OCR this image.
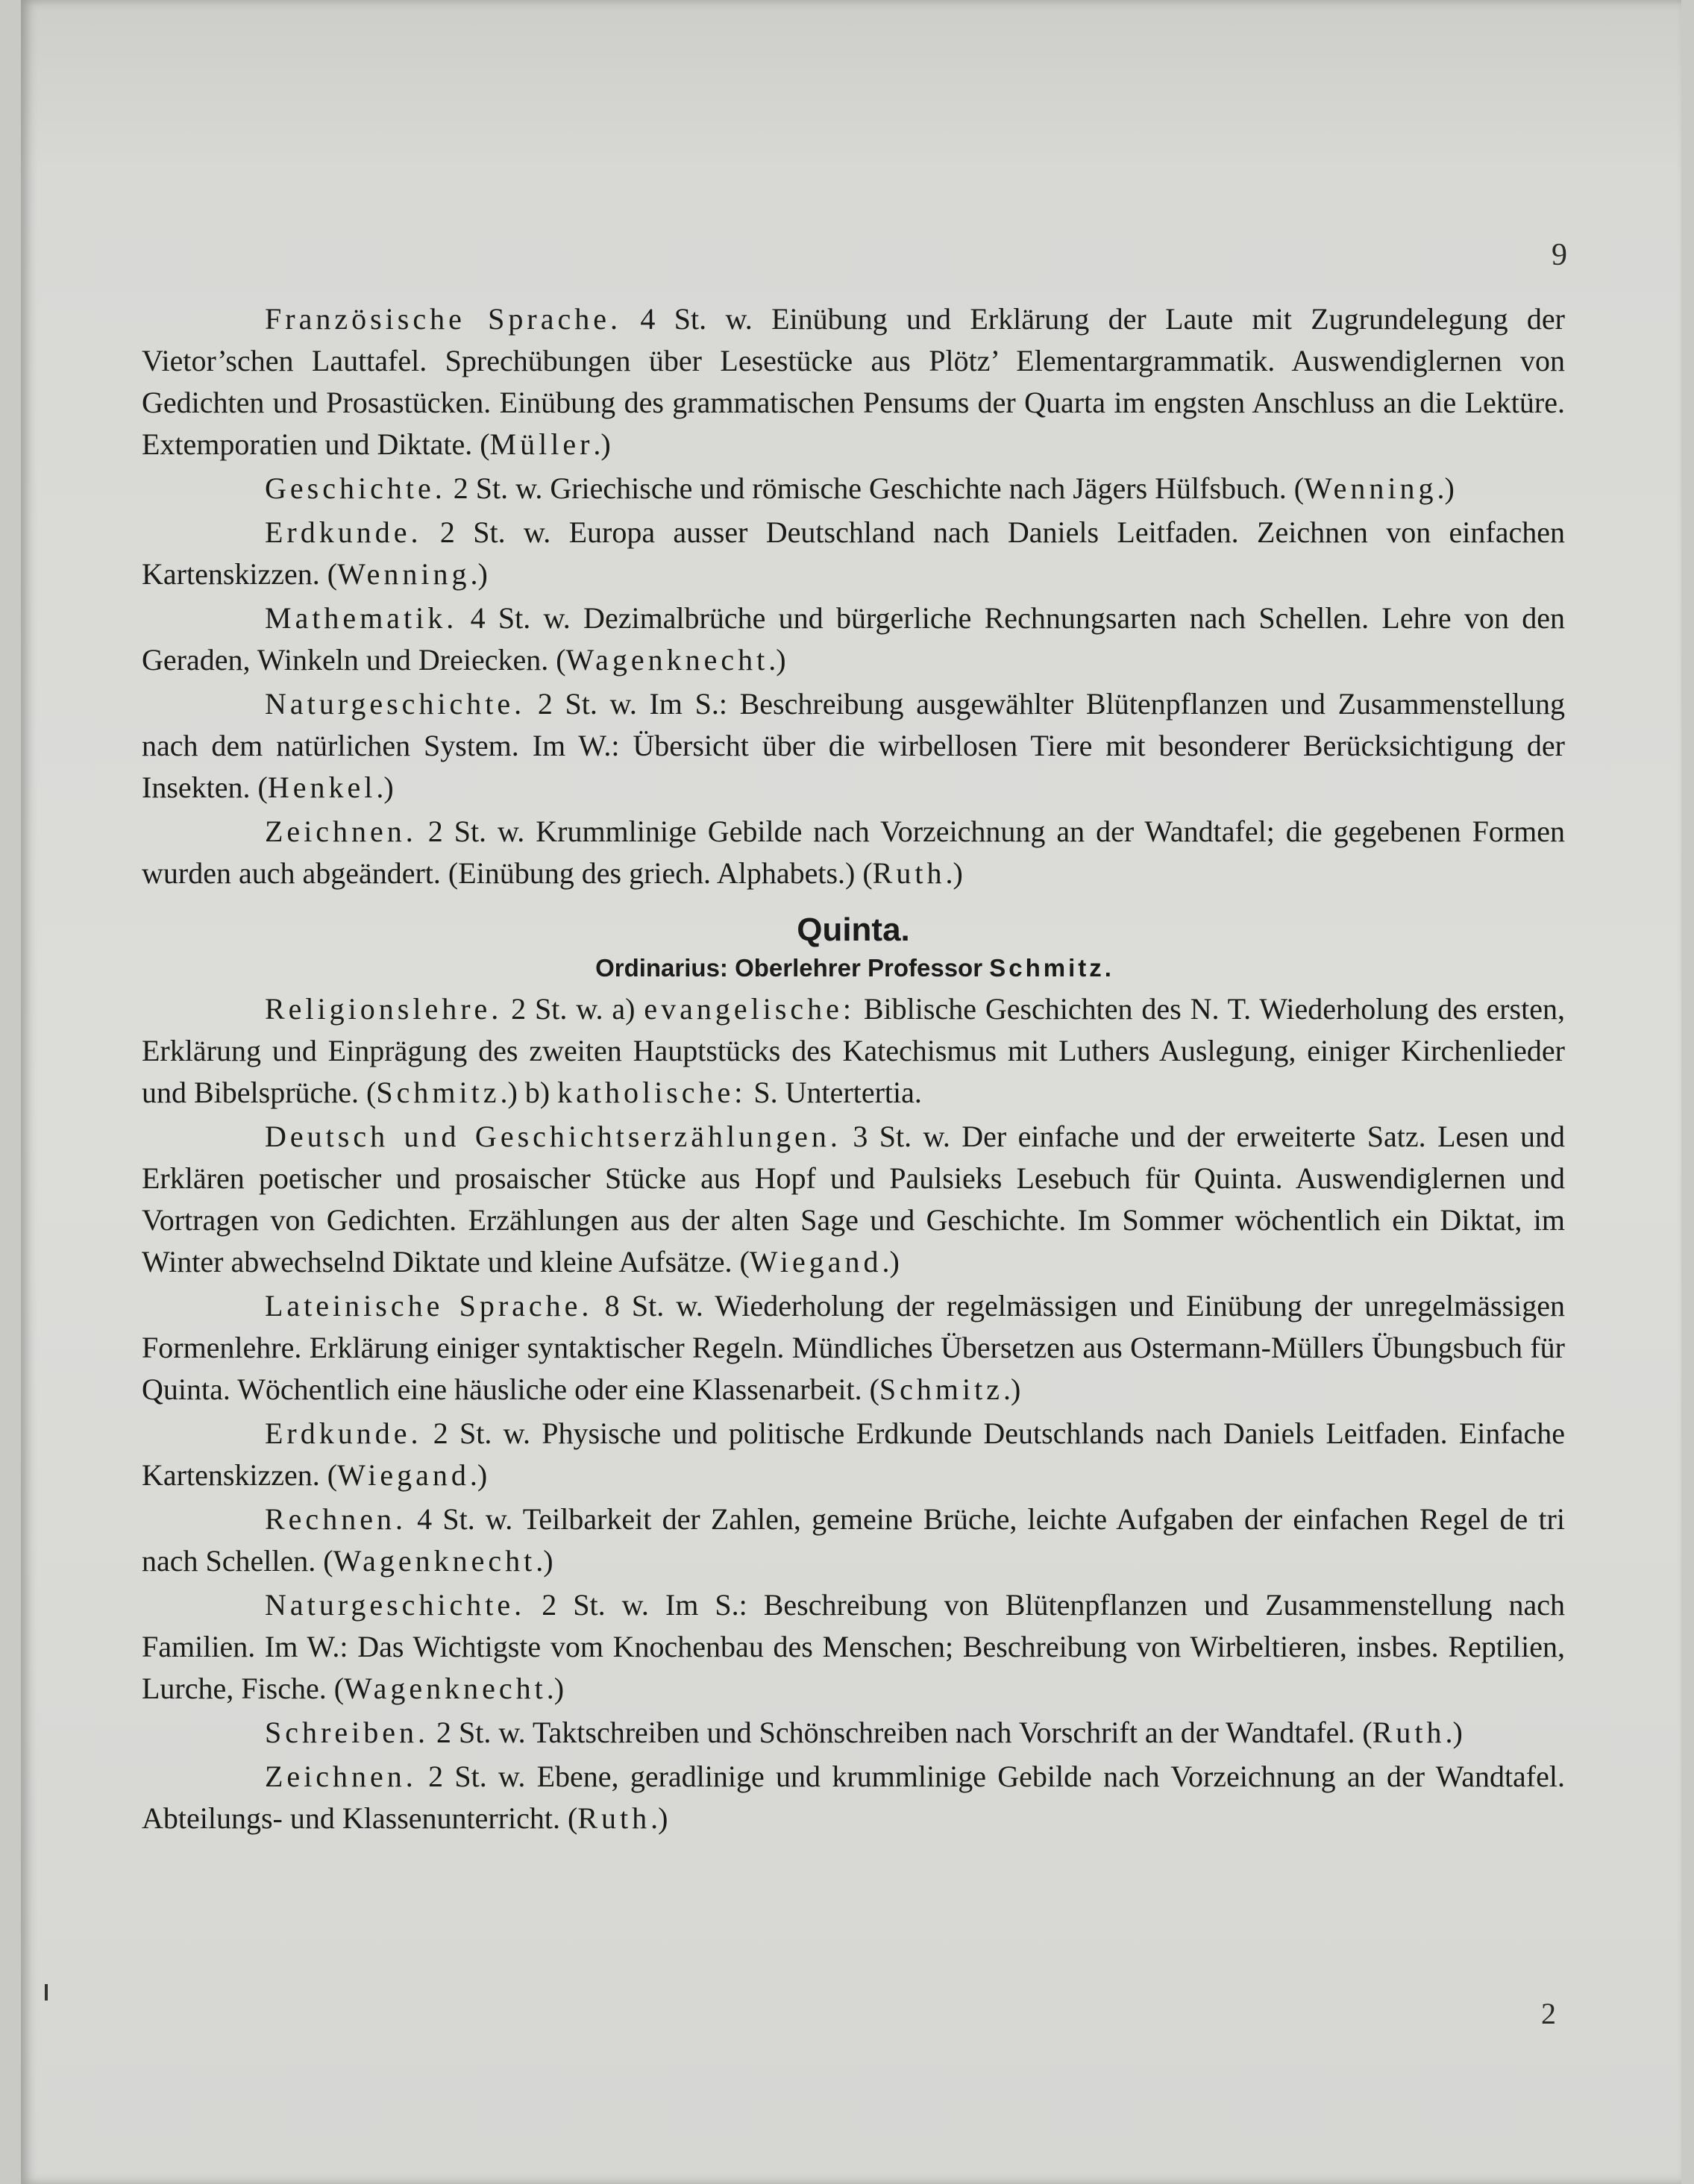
9

Französische Sprache. 4 St. w. Einübung und Erklärung der Laute mit Zugrundelegung der Vietor’schen Lauttafel. Sprechübungen über Lesestücke aus Plötz’ Elementargrammatik. Auswendiglernen von Gedichten und Prosastücken. Einübung des grammatischen Pensums der Quarta im engsten Anschluss an die Lektüre. Extemporatien und Diktate. (Müller.)

Geschichte. 2 St. w. Griechische und römische Geschichte nach Jägers Hülfsbuch. (Wenning.)

Erdkunde. 2 St. w. Europa ausser Deutschland nach Daniels Leitfaden. Zeichnen von einfachen Kartenskizzen. (Wenning.)

Mathematik. 4 St. w. Dezimalbrüche und bürgerliche Rechnungsarten nach Schellen. Lehre von den Geraden, Winkeln und Dreiecken. (Wagenknecht.)

Naturgeschichte. 2 St. w. Im S.: Beschreibung ausgewählter Blütenpflanzen und Zusammenstellung nach dem natürlichen System. Im W.: Übersicht über die wirbellosen Tiere mit besonderer Berücksichtigung der Insekten. (Henkel.)

Zeichnen. 2 St. w. Krummlinige Gebilde nach Vorzeichnung an der Wandtafel; die gegebenen Formen wurden auch abgeändert. (Einübung des griech. Alphabets.) (Ruth.)

Quinta.

Ordinarius: Oberlehrer Professor Schmitz.

Religionslehre. 2 St. w. a) evangelische: Biblische Geschichten des N. T. Wiederholung des ersten, Erklärung und Einprägung des zweiten Hauptstücks des Katechismus mit Luthers Auslegung, einiger Kirchenlieder und Bibelsprüche. (Schmitz.) b) katholische: S. Untertertia.

Deutsch und Geschichtserzählungen. 3 St. w. Der einfache und der erweiterte Satz. Lesen und Erklären poetischer und prosaischer Stücke aus Hopf und Paulsieks Lesebuch für Quinta. Auswendiglernen und Vortragen von Gedichten. Erzählungen aus der alten Sage und Geschichte. Im Sommer wöchentlich ein Diktat, im Winter abwechselnd Diktate und kleine Aufsätze. (Wiegand.)

Lateinische Sprache. 8 St. w. Wiederholung der regelmässigen und Einübung der unregelmässigen Formenlehre. Erklärung einiger syntaktischer Regeln. Mündliches Übersetzen aus Ostermann-Müllers Übungsbuch für Quinta. Wöchentlich eine häusliche oder eine Klassenarbeit. (Schmitz.)

Erdkunde. 2 St. w. Physische und politische Erdkunde Deutschlands nach Daniels Leitfaden. Einfache Kartenskizzen. (Wiegand.)

Rechnen. 4 St. w. Teilbarkeit der Zahlen, gemeine Brüche, leichte Aufgaben der einfachen Regel de tri nach Schellen. (Wagenknecht.)

Naturgeschichte. 2 St. w. Im S.: Beschreibung von Blütenpflanzen und Zusammenstellung nach Familien. Im W.: Das Wichtigste vom Knochenbau des Menschen; Beschreibung von Wirbeltieren, insbes. Reptilien, Lurche, Fische. (Wagenknecht.)

Schreiben. 2 St. w. Taktschreiben und Schönschreiben nach Vorschrift an der Wandtafel. (Ruth.)

Zeichnen. 2 St. w. Ebene, geradlinige und krummlinige Gebilde nach Vorzeichnung an der Wandtafel. Abteilungs- und Klassenunterricht. (Ruth.)

2
